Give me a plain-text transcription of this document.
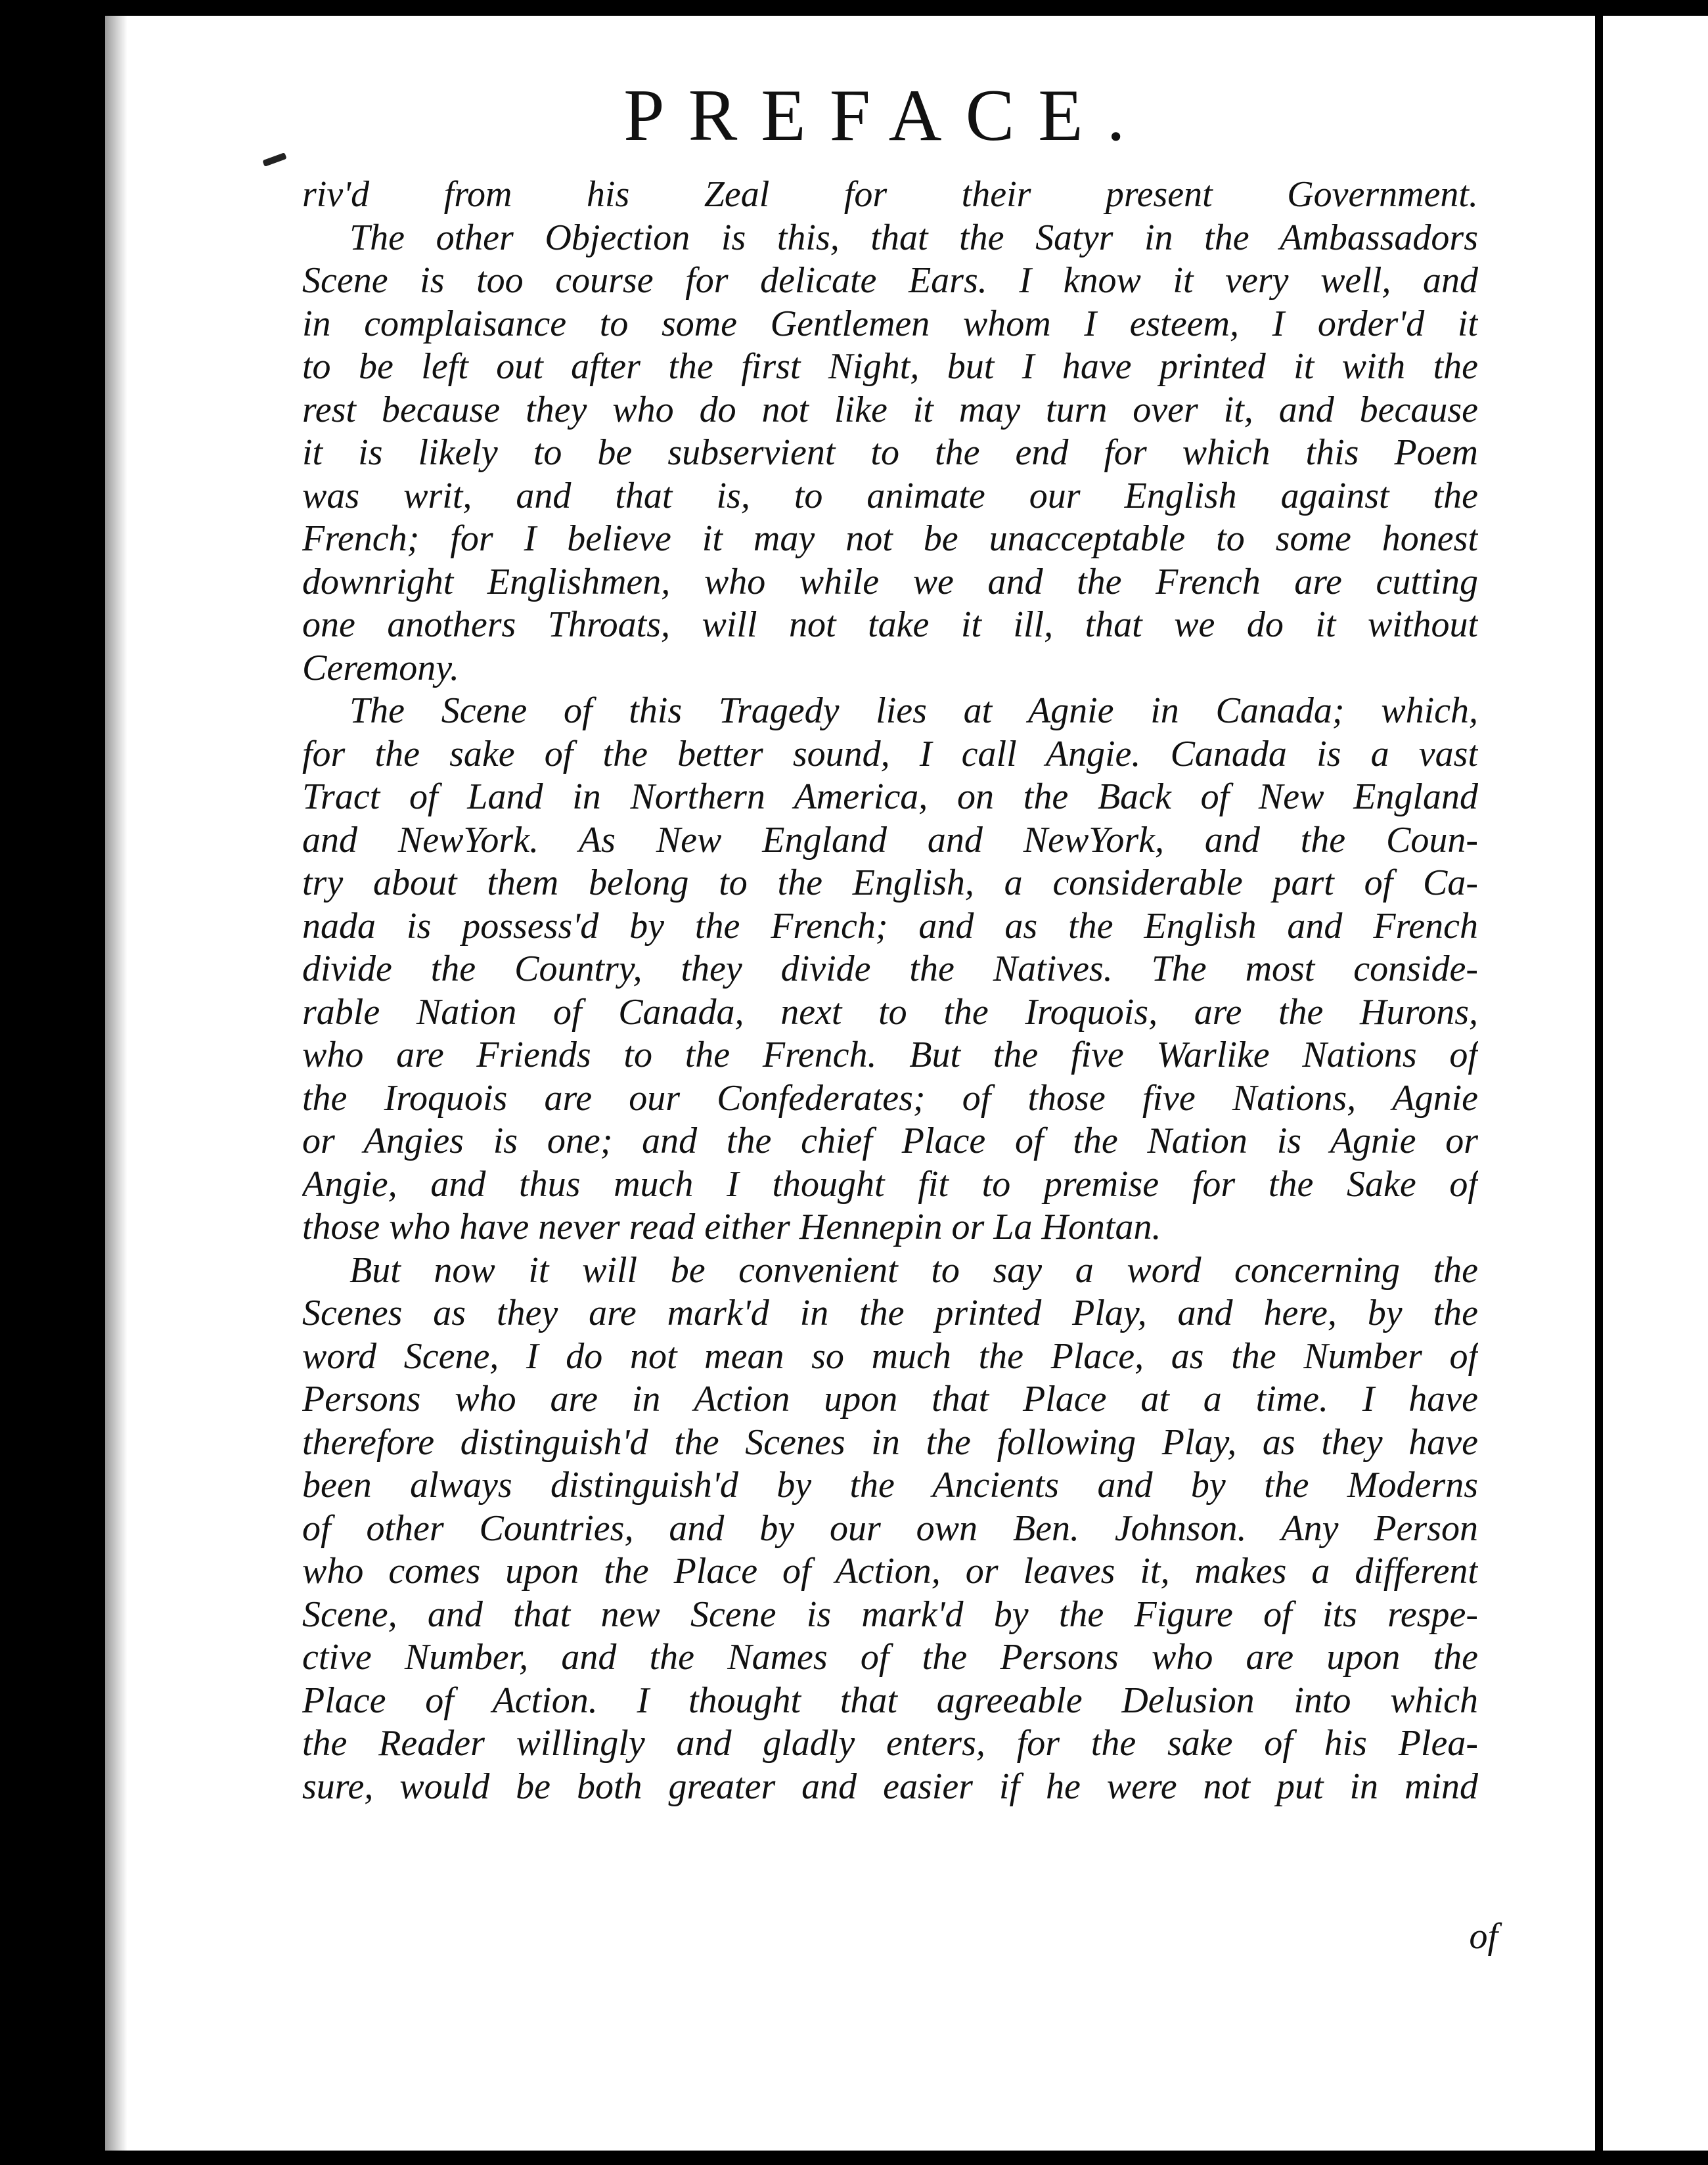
PREFACE.
riv'd from his Zeal for their present Government.
The other Objection is this, that the Satyr in the Ambassadors
Scene is too course for delicate Ears. I know it very well, and
in complaisance to some Gentlemen whom I esteem, I order'd it
to be left out after the first Night, but I have printed it with the
rest because they who do not like it may turn over it, and because
it is likely to be subservient to the end for which this Poem
was writ, and that is, to animate our English against the
French; for I believe it may not be unacceptable to some honest
downright Englishmen, who while we and the French are cutting
one anothers Throats, will not take it ill, that we do it without
Ceremony.
The Scene of this Tragedy lies at Agnie in Canada; which,
for the sake of the better sound, I call Angie. Canada is a vast
Tract of Land in Northern America, on the Back of New England
and NewYork. As New England and NewYork, and the Coun-
try about them belong to the English, a considerable part of Ca-
nada is possess'd by the French; and as the English and French
divide the Country, they divide the Natives. The most conside-
rable Nation of Canada, next to the Iroquois, are the Hurons,
who are Friends to the French. But the five Warlike Nations of
the Iroquois are our Confederates; of those five Nations, Agnie
or Angies is one; and the chief Place of the Nation is Agnie or
Angie, and thus much I thought fit to premise for the Sake of
those who have never read either Hennepin or La Hontan.
But now it will be convenient to say a word concerning the
Scenes as they are mark'd in the printed Play, and here, by the
word Scene, I do not mean so much the Place, as the Number of
Persons who are in Action upon that Place at a time. I have
therefore distinguish'd the Scenes in the following Play, as they have
been always distinguish'd by the Ancients and by the Moderns
of other Countries, and by our own Ben. Johnson. Any Person
who comes upon the Place of Action, or leaves it, makes a different
Scene, and that new Scene is mark'd by the Figure of its respe-
ctive Number, and the Names of the Persons who are upon the
Place of Action. I thought that agreeable Delusion into which
the Reader willingly and gladly enters, for the sake of his Plea-
sure, would be both greater and easier if he were not put in mind
of
